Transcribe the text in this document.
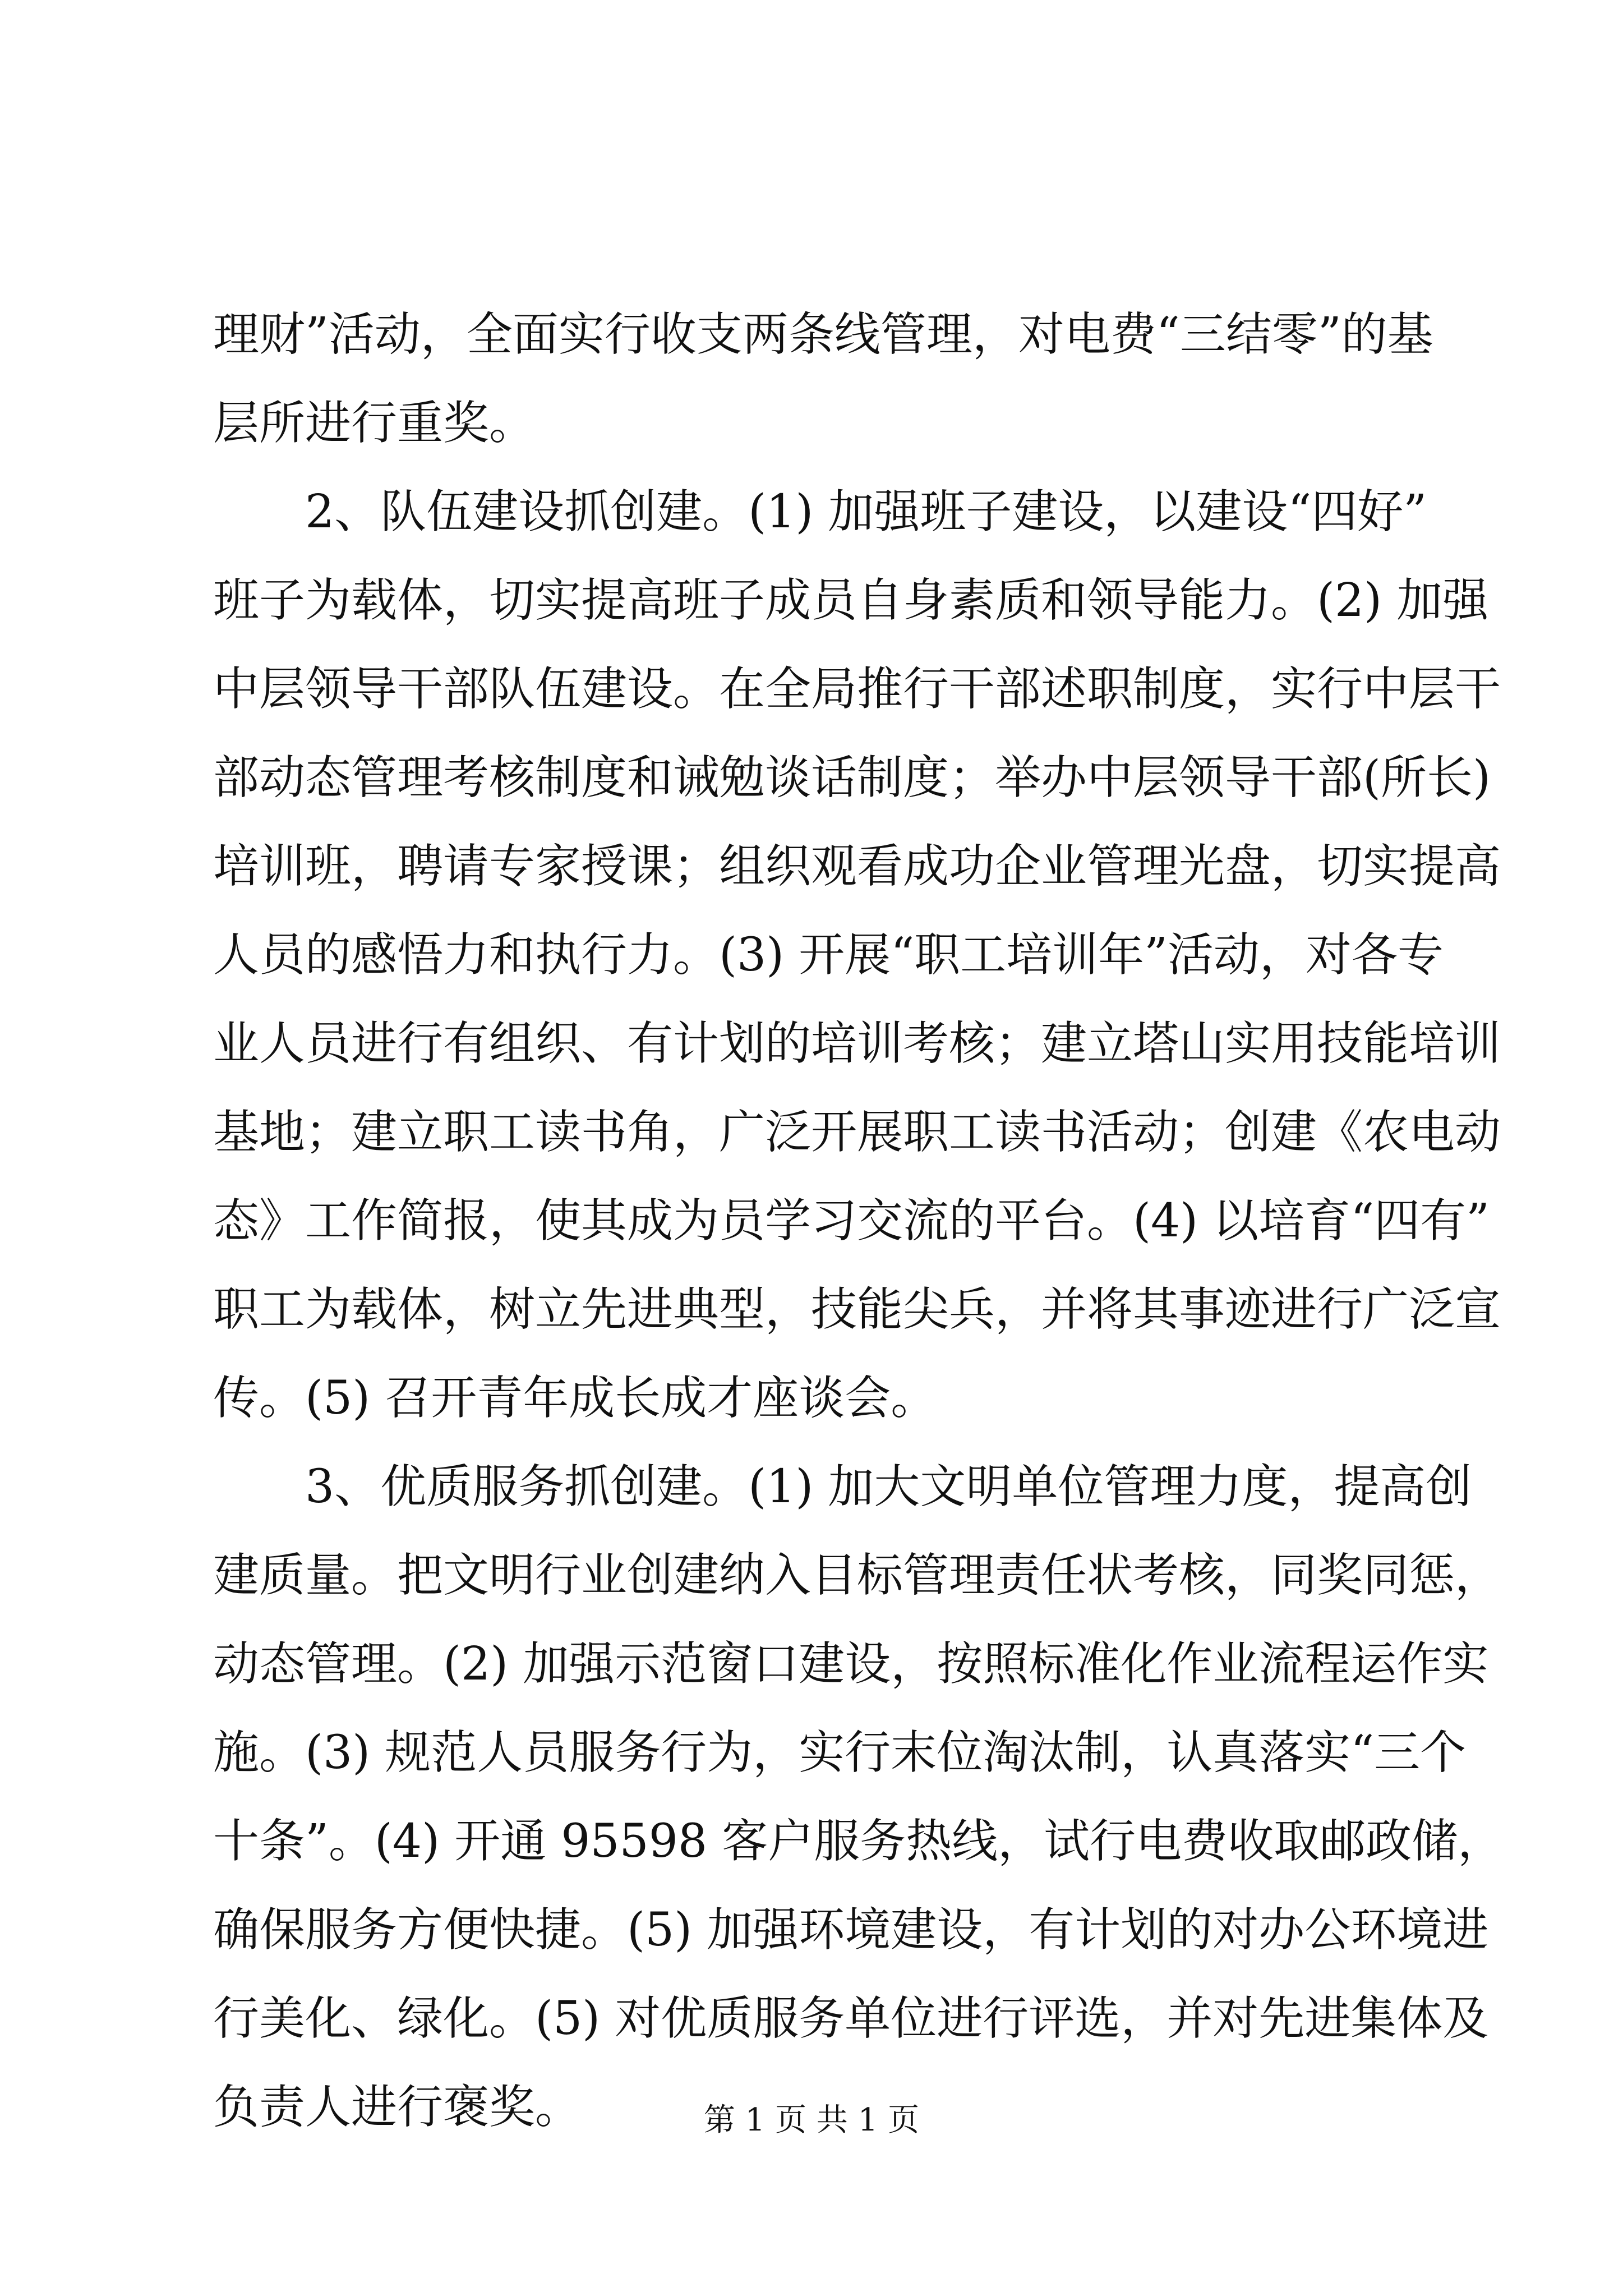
理财”活动，全面实行收支两条线管理，对电费“三结零”的基
层所进行重奖。
2、队伍建设抓创建。(1) 加强班子建设，以建设“四好”
班子为载体，切实提高班子成员自身素质和领导能力。(2) 加强
中层领导干部队伍建设。在全局推行干部述职制度，实行中层干
部动态管理考核制度和诫勉谈话制度；举办中层领导干部(所长)
培训班，聘请专家授课；组织观看成功企业管理光盘，切实提高
人员的感悟力和执行力。(3) 开展“职工培训年”活动，对各专
业人员进行有组织、有计划的培训考核；建立塔山实用技能培训
基地；建立职工读书角，广泛开展职工读书活动；创建《农电动
态》工作简报，使其成为员学习交流的平台。(4) 以培育“四有”
职工为载体，树立先进典型，技能尖兵，并将其事迹进行广泛宣
传。(5) 召开青年成长成才座谈会。
3、优质服务抓创建。(1) 加大文明单位管理力度，提高创
建质量。把文明行业创建纳入目标管理责任状考核，同奖同惩，
动态管理。(2) 加强示范窗口建设，按照标准化作业流程运作实
施。(3) 规范人员服务行为，实行末位淘汰制，认真落实“三个
十条”。(4) 开通 95598 客户服务热线，试行电费收取邮政储，
确保服务方便快捷。(5) 加强环境建设，有计划的对办公环境进
行美化、绿化。(5) 对优质服务单位进行评选，并对先进集体及
负责人进行褒奖。	第 1 页 共 1 页
